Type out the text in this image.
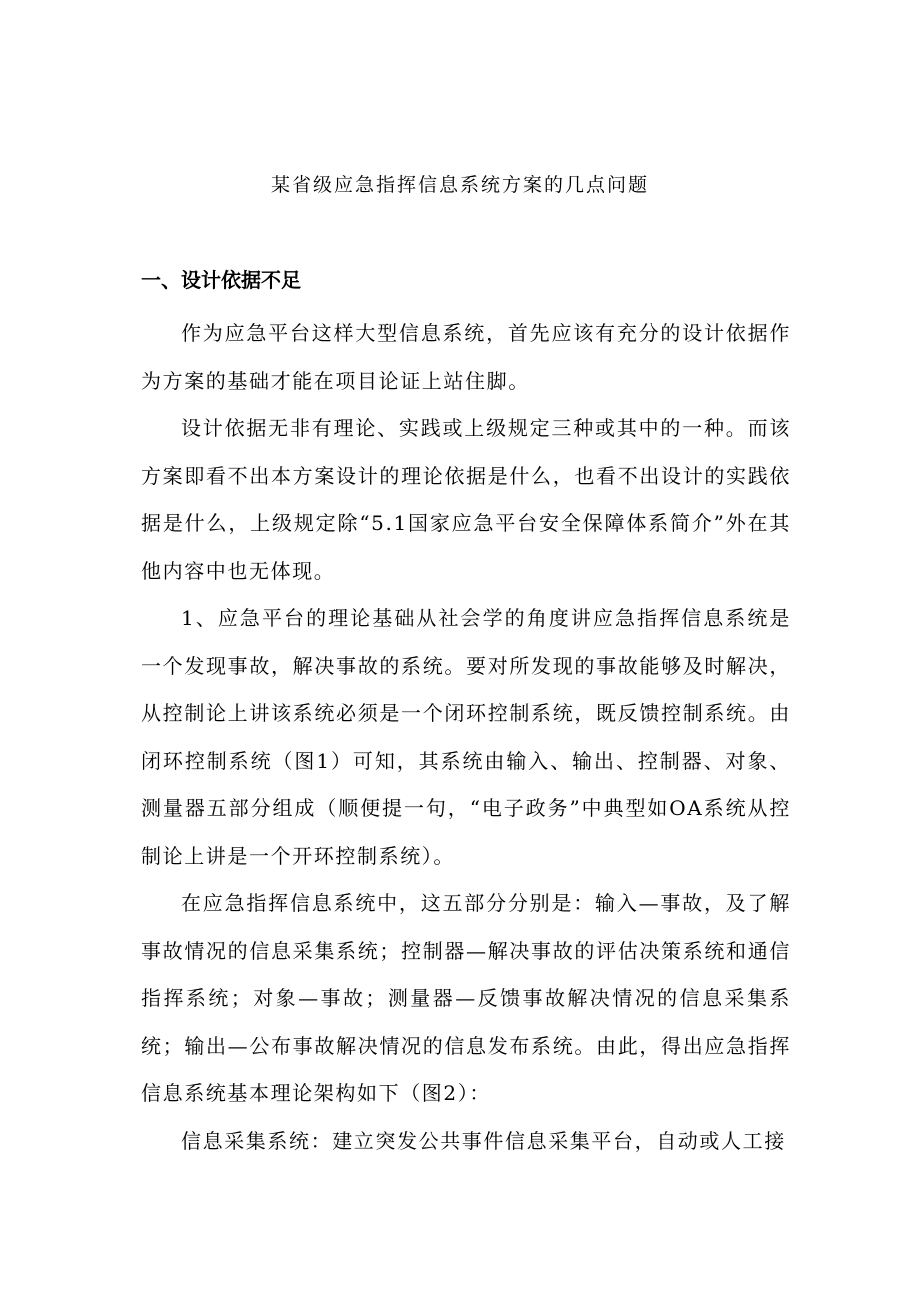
某省级应急指挥信息系统方案的几点问题
一、设计依据不足

作为应急平台这样大型信息系统，首先应该有充分的设计依据作为方案的基础才能在项目论证上站住脚。

设计依据无非有理论、实践或上级规定三种或其中的一种。而该方案即看不出本方案设计的理论依据是什么，也看不出设计的实践依据是什么，上级规定除“5.1国家应急平台安全保障体系简介”外在其他内容中也无体现。

1、应急平台的理论基础从社会学的角度讲应急指挥信息系统是一个发现事故，解决事故的系统。要对所发现的事故能够及时解决，从控制论上讲该系统必须是一个闭环控制系统，既反馈控制系统。由闭环控制系统（图1）可知，其系统由输入、输出、控制器、对象、测量器五部分组成（顺便提一句，“电子政务”中典型如OA系统从控制论上讲是一个开环控制系统）。

在应急指挥信息系统中，这五部分分别是：输入—事故，及了解事故情况的信息采集系统；控制器—解决事故的评估决策系统和通信指挥系统；对象—事故；测量器—反馈事故解决情况的信息采集系统；输出—公布事故解决情况的信息发布系统。由此，得出应急指挥信息系统基本理论架构如下（图2）：

信息采集系统：建立突发公共事件信息采集平台，自动或人工接
